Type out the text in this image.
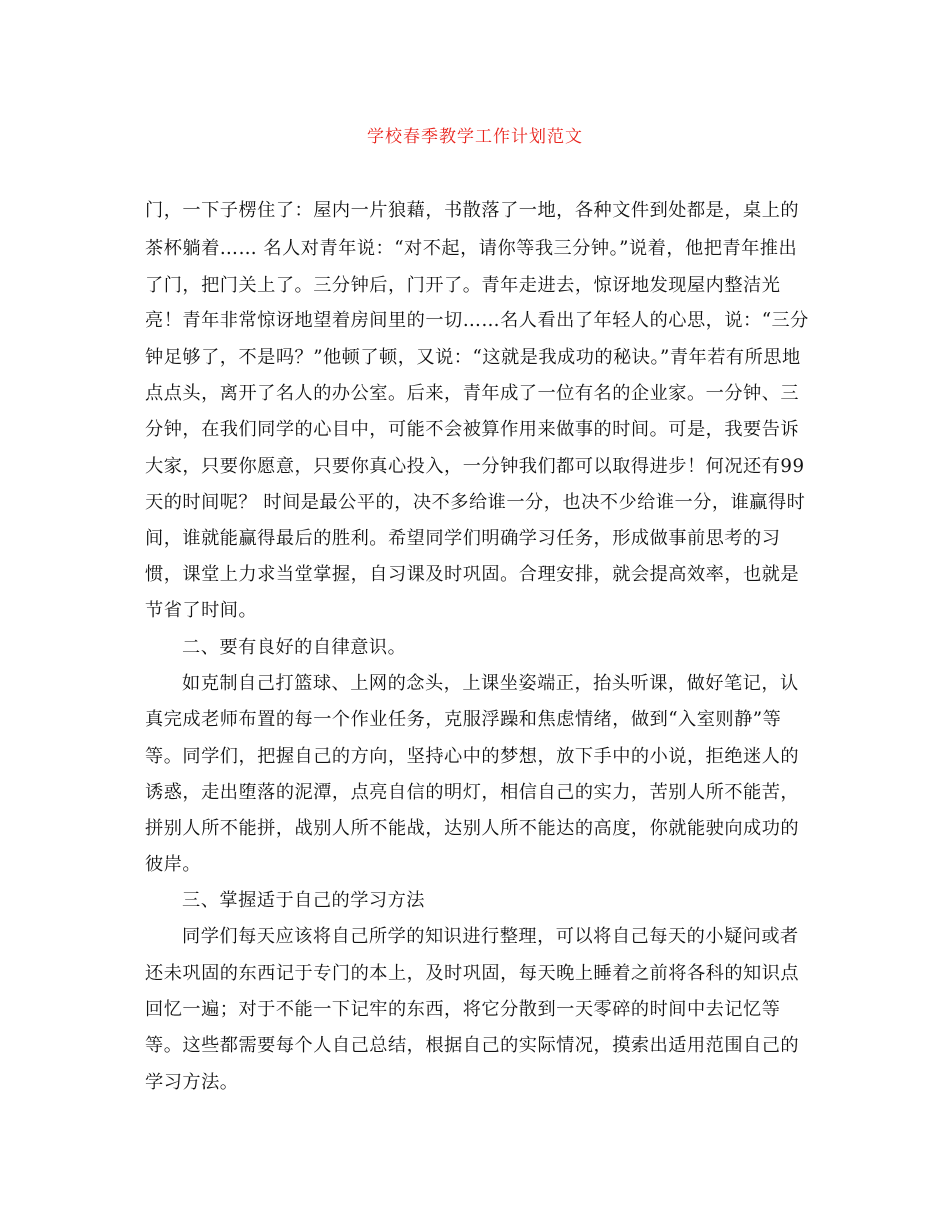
学校春季教学工作计划范文
门，一下子楞住了：屋内一片狼藉，书散落了一地，各种文件到处都是，桌上的
茶杯躺着…… 名人对青年说：“对不起，请你等我三分钟。”说着，他把青年推出
了门，把门关上了。三分钟后，门开了。青年走进去，惊讶地发现屋内整洁光
亮！青年非常惊讶地望着房间里的一切……名人看出了年轻人的心思，说：“三分
钟足够了，不是吗？”他顿了顿，又说：“这就是我成功的秘诀。”青年若有所思地
点点头，离开了名人的办公室。后来，青年成了一位有名的企业家。一分钟、三
分钟，在我们同学的心目中，可能不会被算作用来做事的时间。可是，我要告诉
大家，只要你愿意，只要你真心投入，一分钟我们都可以取得进步！何况还有99
天的时间呢？ 时间是最公平的，决不多给谁一分，也决不少给谁一分，谁赢得时
间，谁就能赢得最后的胜利。希望同学们明确学习任务，形成做事前思考的习
惯，课堂上力求当堂掌握，自习课及时巩固。合理安排，就会提高效率，也就是
节省了时间。
二、要有良好的自律意识。
如克制自己打篮球、上网的念头，上课坐姿端正，抬头听课，做好笔记，认
真完成老师布置的每一个作业任务，克服浮躁和焦虑情绪，做到“入室则静”等
等。同学们，把握自己的方向，坚持心中的梦想，放下手中的小说，拒绝迷人的
诱惑，走出堕落的泥潭，点亮自信的明灯，相信自己的实力，苦别人所不能苦，
拼别人所不能拼，战别人所不能战，达别人所不能达的高度，你就能驶向成功的
彼岸。
三、掌握适于自己的学习方法
同学们每天应该将自己所学的知识进行整理，可以将自己每天的小疑问或者
还未巩固的东西记于专门的本上，及时巩固，每天晚上睡着之前将各科的知识点
回忆一遍；对于不能一下记牢的东西，将它分散到一天零碎的时间中去记忆等
等。这些都需要每个人自己总结，根据自己的实际情况，摸索出适用范围自己的
学习方法。
